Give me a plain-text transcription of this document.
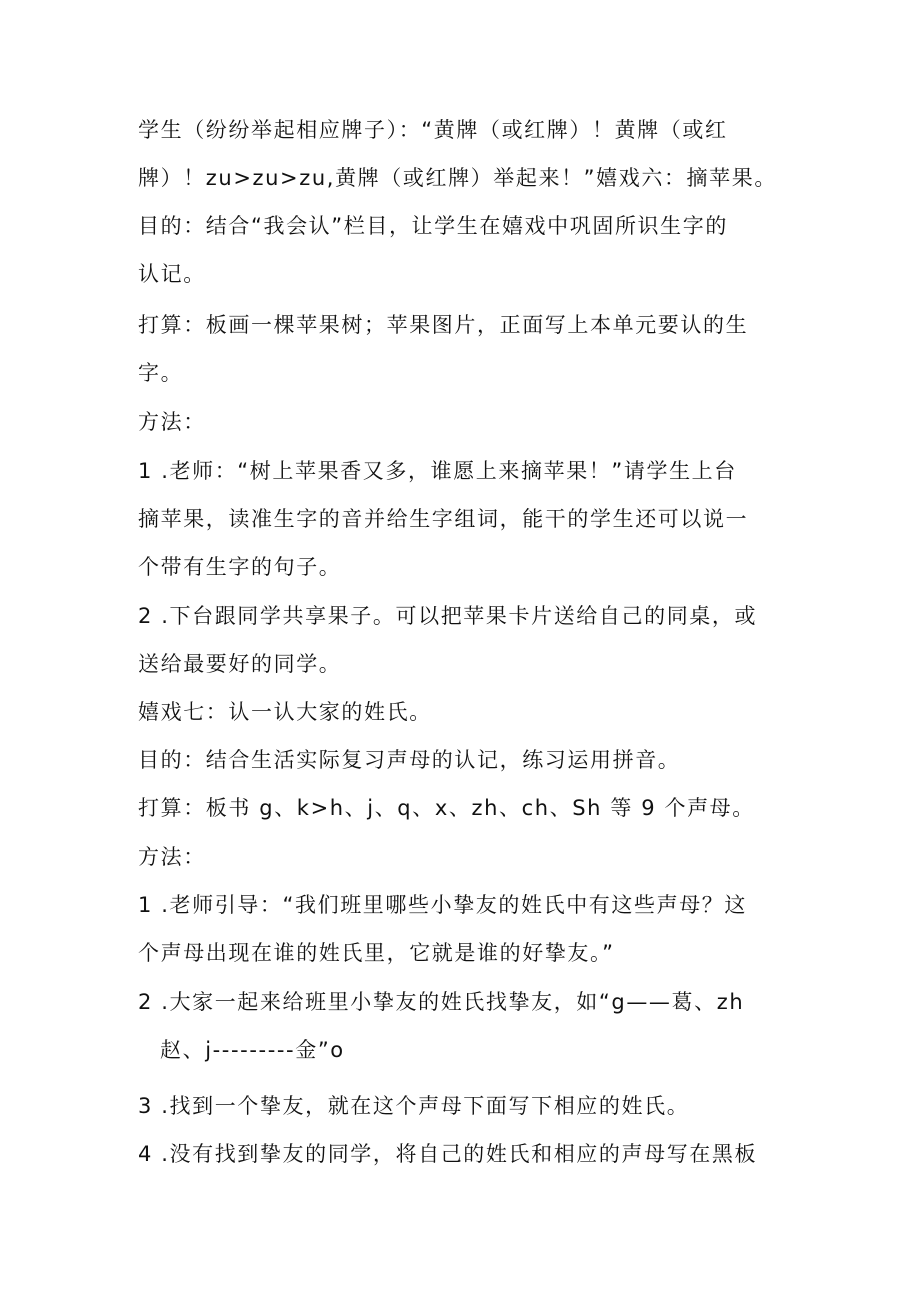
学生（纷纷举起相应牌子）：“黄牌（或红牌）！黄牌（或红
牌）！zu>zu>zu,黄牌（或红牌）举起来！”嬉戏六：摘苹果。
目的：结合“我会认”栏目，让学生在嬉戏中巩固所识生字的
认记。
打算：板画一棵苹果树；苹果图片，正面写上本单元要认的生
字。
方法：
1 .老师：“树上苹果香又多，谁愿上来摘苹果！”请学生上台
摘苹果，读准生字的音并给生字组词，能干的学生还可以说一
个带有生字的句子。
2 .下台跟同学共享果子。可以把苹果卡片送给自己的同桌，或
送给最要好的同学。
嬉戏七：认一认大家的姓氏。
目的：结合生活实际复习声母的认记，练习运用拼音。
打算：板书 g、k>h、j、q、x、zh、ch、Sh 等 9 个声母。
方法：
1 .老师引导：“我们班里哪些小挚友的姓氏中有这些声母？这
个声母出现在谁的姓氏里，它就是谁的好挚友。”
2 .大家一起来给班里小挚友的姓氏找挚友，如“g——葛、zh
赵、j---------金”o
3 .找到一个挚友，就在这个声母下面写下相应的姓氏。
4 .没有找到挚友的同学，将自己的姓氏和相应的声母写在黑板
